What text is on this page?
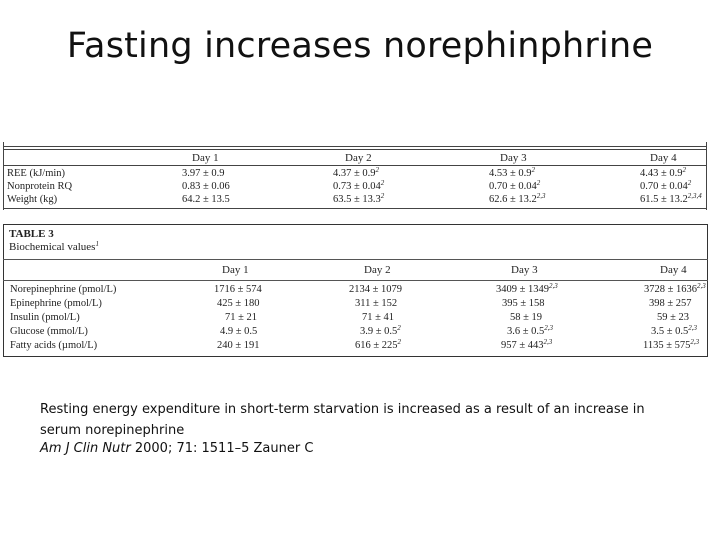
Fasting increases norephinphrine
Day 1	Day 2	Day 3	Day 4
REE (kJ/min)	3.97 ± 0.9	$4.37 \pm 0.9^2$	$4.53 \pm 0.9^2$	$4.43 \pm 0.9^2$
Nonprotein RQ	0.83 ± 0.06	$0.73 \pm 0.04^2$	$0.70 \pm 0.04^2$	$0.70 \pm 0.04^2$
Weight (kg)	64.2 ± 13.5	$63.5 \pm 13.3^2$	$62.6 \pm 13.2^{2,3}$	$61.5 \pm 13.2^{2,3,4}$
TABLE 3
Biochemical values$^1$
Day 1	Day 2	Day 3	Day 4
Norepinephrine (pmol/L)	1716 ± 574	2134 ± 1079	$3409 \pm 1349^{2,3}$	$3728 \pm 1636^{2,3}$
Epinephrine (pmol/L)	425 ± 180	311 ± 152	395 ± 158	398 ± 257
Insulin (pmol/L)	71 ± 21	71 ± 41	58 ± 19	59 ± 23
Glucose (mmol/L)	4.9 ± 0.5	$3.9 \pm 0.5^2$	$3.6 \pm 0.5^{2,3}$	$3.5 \pm 0.5^{2,3}$
Fatty acids (µmol/L)	240 ± 191	$616 \pm 225^2$	$957 \pm 443^{2,3}$	$1135 \pm 575^{2,3}$
Resting energy expenditure in short-term starvation is increased as a result of an increase in serum norepinephrine
Am J Clin Nutr 2000; 71: 1511–5 Zauner C
